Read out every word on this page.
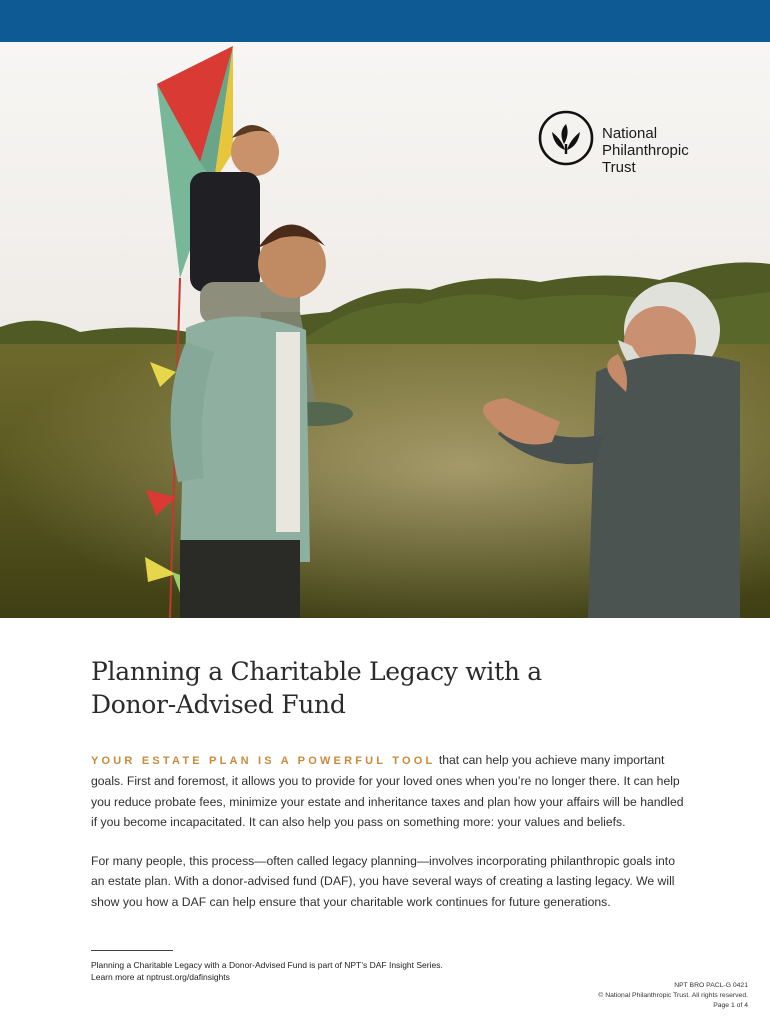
National
Philanthropic
Trust
Planning a Charitable Legacy with a
Donor-Advised Fund

YOUR ESTATE PLAN IS A POWERFUL TOOL that can help you achieve many important goals. First and foremost, it allows you to provide for your loved ones when you’re no longer there. It can help you reduce probate fees, minimize your estate and inheritance taxes and plan how your affairs will be handled if you become incapacitated. It can also help you pass on something more: your values and beliefs.

For many people, this process—often called legacy planning—involves incorporating philanthropic goals into an estate plan. With a donor-advised fund (DAF), you have several ways of creating a lasting legacy. We will show you how a DAF can help ensure that your charitable work continues for future generations.

Planning a Charitable Legacy with a Donor-Advised Fund is part of NPT’s DAF Insight Series.
Learn more at nptrust.org/dafinsights
NPT BRO PACL-G 0421
© National Philanthropic Trust. All rights reserved.
Page 1 of 4
